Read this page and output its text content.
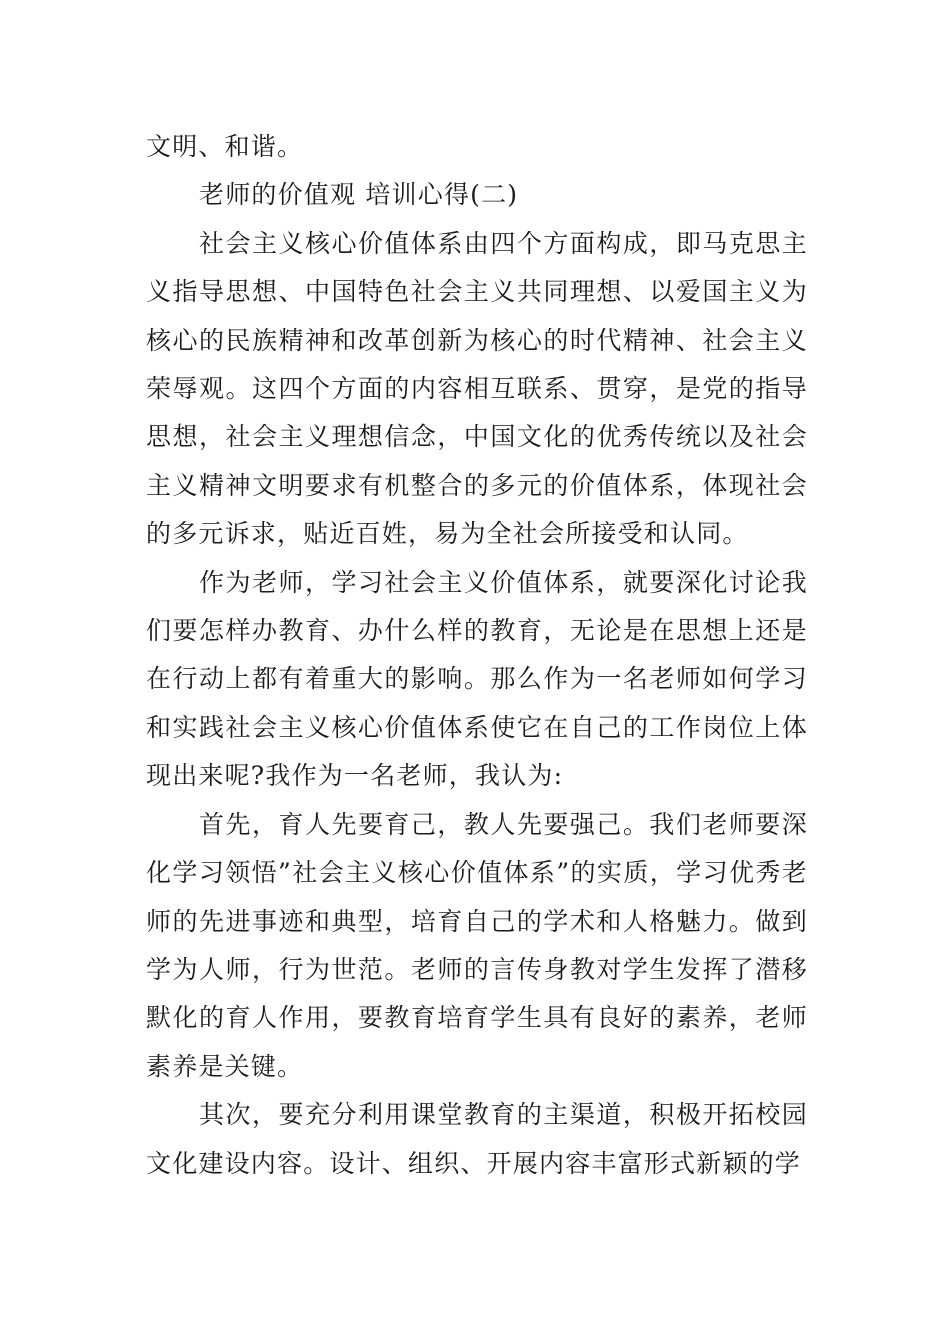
文明、和谐。

老师的价值观 培训心得(二)

社会主义核心价值体系由四个方面构成，即马克思主义指导思想、中国特色社会主义共同理想、以爱国主义为核心的民族精神和改革创新为核心的时代精神、社会主义荣辱观。这四个方面的内容相互联系、贯穿，是党的指导思想，社会主义理想信念，中国文化的优秀传统以及社会主义精神文明要求有机整合的多元的价值体系，体现社会的多元诉求，贴近百姓，易为全社会所接受和认同。

作为老师，学习社会主义价值体系，就要深化讨论我们要怎样办教育、办什么样的教育，无论是在思想上还是在行动上都有着重大的影响。那么作为一名老师如何学习和实践社会主义核心价值体系使它在自己的工作岗位上体现出来呢?我作为一名老师，我认为:

首先，育人先要育己，教人先要强己。我们老师要深化学习领悟”社会主义核心价值体系”的实质，学习优秀老师的先进事迹和典型，培育自己的学术和人格魅力。做到学为人师，行为世范。老师的言传身教对学生发挥了潜移默化的育人作用，要教育培育学生具有良好的素养，老师素养是关键。

其次，要充分利用课堂教育的主渠道，积极开拓校园文化建设内容。设计、组织、开展内容丰富形式新颖的学
